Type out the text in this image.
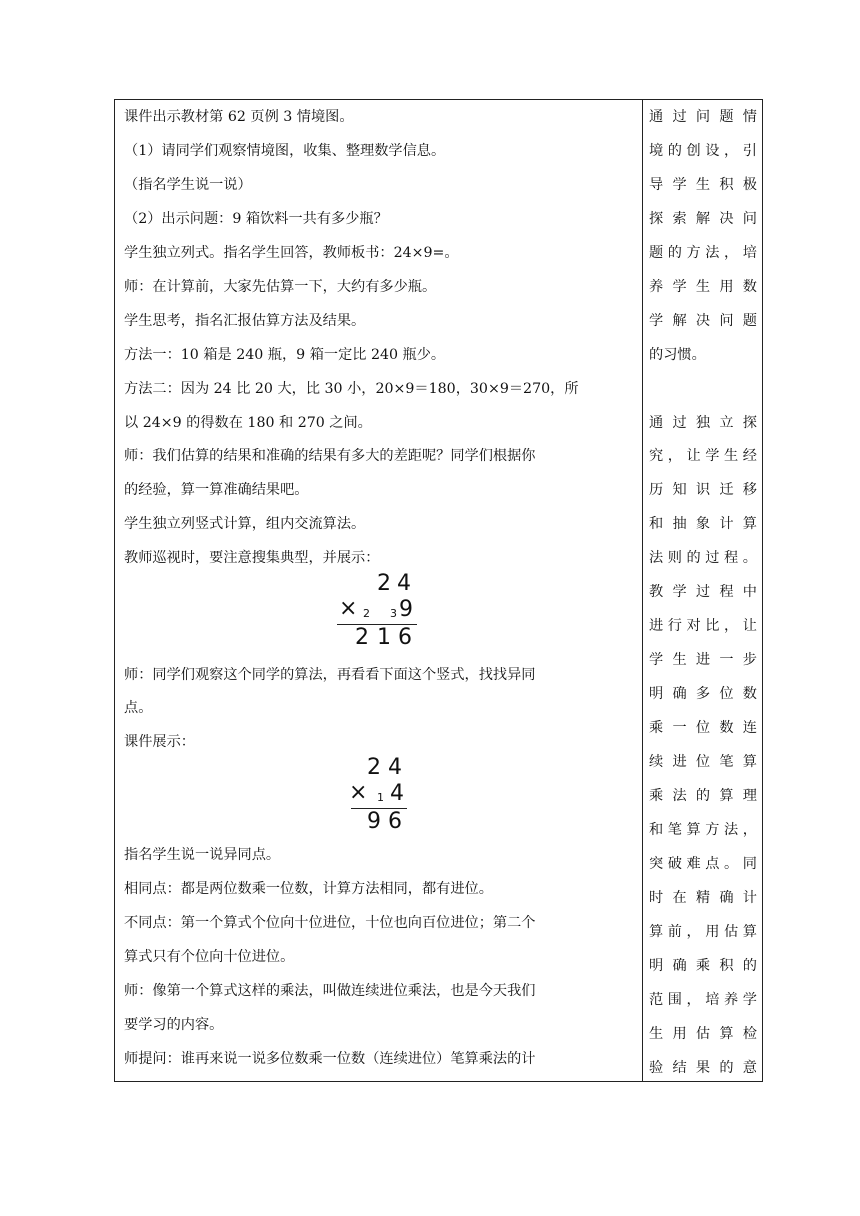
课件出示教材第 62 页例 3 情境图。
（1）请同学们观察情境图，收集、整理数学信息。
（指名学生说一说）
（2）出示问题：9 箱饮料一共有多少瓶？
学生独立列式。指名学生回答，教师板书：24×9=。
师：在计算前，大家先估算一下，大约有多少瓶。
学生思考，指名汇报估算方法及结果。
方法一：10 箱是 240 瓶，9 箱一定比 240 瓶少。
方法二：因为 24 比 20 大，比 30 小，20×9＝180，30×9＝270，所
以 24×9 的得数在 180 和 270 之间。
师：我们估算的结果和准确的结果有多大的差距呢？同学们根据你
的经验，算一算准确结果吧。
学生独立列竖式计算，组内交流算法。
教师巡视时，要注意搜集典型，并展示：
2 4
× 2 3 9
2 1 6
师：同学们观察这个同学的算法，再看看下面这个竖式，找找异同
点。
课件展示：
2 4
× 1 4
9 6
指名学生说一说异同点。
相同点：都是两位数乘一位数，计算方法相同，都有进位。
不同点：第一个算式个位向十位进位，十位也向百位进位；第二个
算式只有个位向十位进位。
师：像第一个算式这样的乘法，叫做连续进位乘法，也是今天我们
要学习的内容。
师提问：谁再来说一说多位数乘一位数（连续进位）笔算乘法的计
通过问题情
境的创设，引
导学生积极
探索解决问
题的方法，培
养学生用数
学解决问题
的习惯。
通过独立探
究，让学生经
历知识迁移
和抽象计算
法则的过程。
教学过程中
进行对比，让
学生进一步
明确多位数
乘一位数连
续进位笔算
乘法的算理
和笔算方法，
突破难点。同
时在精确计
算前，用估算
明确乘积的
范围，培养学
生用估算检
验结果的意
